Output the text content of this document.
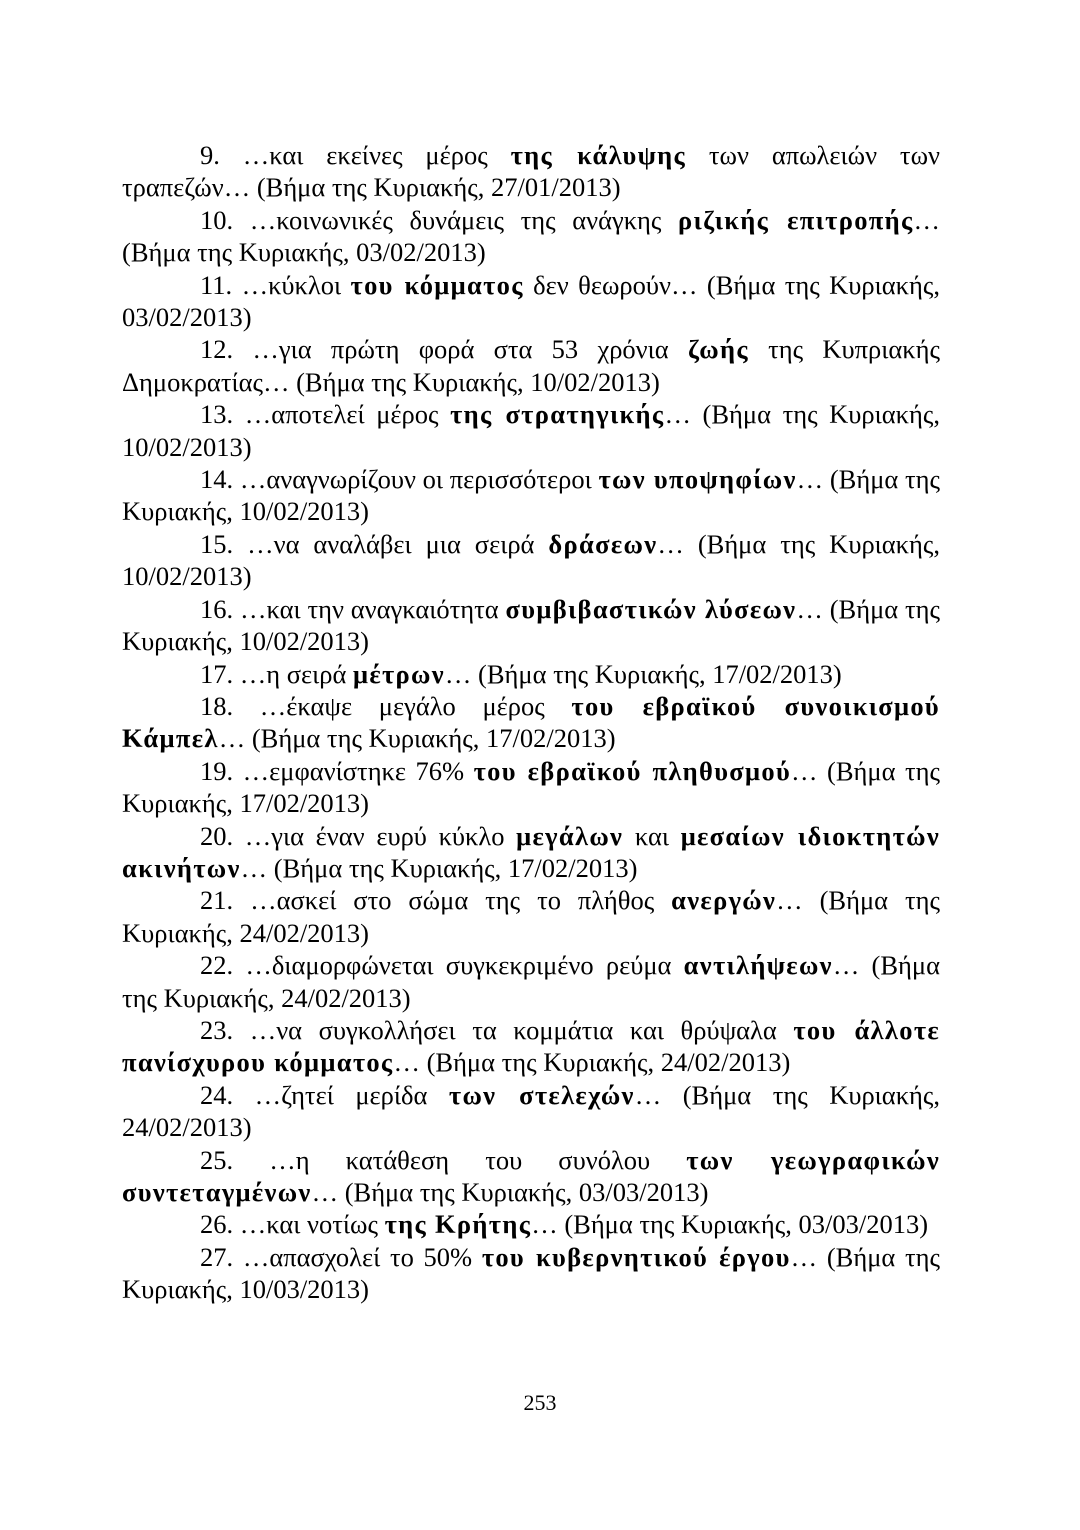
9. …και εκείνες μέρος της κάλυψης των απωλειών των τραπεζών… (Βήμα της Κυριακής, 27/01/2013)

10. …κοινωνικές δυνάμεις της ανάγκης ριζικής επιτροπής… (Βήμα της Κυριακής, 03/02/2013)

11. …κύκλοι του κόμματος δεν θεωρούν… (Βήμα της Κυριακής, 03/02/2013)

12. …για πρώτη φορά στα 53 χρόνια ζωής της Κυπριακής Δημοκρατίας… (Βήμα της Κυριακής, 10/02/2013)

13. …αποτελεί μέρος της στρατηγικής… (Βήμα της Κυριακής, 10/02/2013)

14. …αναγνωρίζουν οι περισσότεροι των υποψηφίων… (Βήμα της Κυριακής, 10/02/2013)

15. …να αναλάβει μια σειρά δράσεων… (Βήμα της Κυριακής, 10/02/2013)

16. …και την αναγκαιότητα συμβιβαστικών λύσεων… (Βήμα της Κυριακής, 10/02/2013)

17. …η σειρά μέτρων… (Βήμα της Κυριακής, 17/02/2013)

18. …έκαψε μεγάλο μέρος του εβραϊκού συνοικισμού Κάμπελ… (Βήμα της Κυριακής, 17/02/2013)

19. …εμφανίστηκε 76% του εβραϊκού πληθυσμού… (Βήμα της Κυριακής, 17/02/2013)

20. …για έναν ευρύ κύκλο μεγάλων και μεσαίων ιδιοκτητών ακινήτων… (Βήμα της Κυριακής, 17/02/2013)

21. …ασκεί στο σώμα της το πλήθος ανεργών… (Βήμα της Κυριακής, 24/02/2013)

22. …διαμορφώνεται συγκεκριμένο ρεύμα αντιλήψεων… (Βήμα της Κυριακής, 24/02/2013)

23. …να συγκολλήσει τα κομμάτια και θρύψαλα του άλλοτε πανίσχυρου κόμματος… (Βήμα της Κυριακής, 24/02/2013)

24. …ζητεί μερίδα των στελεχών… (Βήμα της Κυριακής, 24/02/2013)

25. …η κατάθεση του συνόλου των γεωγραφικών συντεταγμένων… (Βήμα της Κυριακής, 03/03/2013)

26. …και νοτίως της Κρήτης… (Βήμα της Κυριακής, 03/03/2013)

27. …απασχολεί το 50% του κυβερνητικού έργου… (Βήμα της Κυριακής, 10/03/2013)

253
